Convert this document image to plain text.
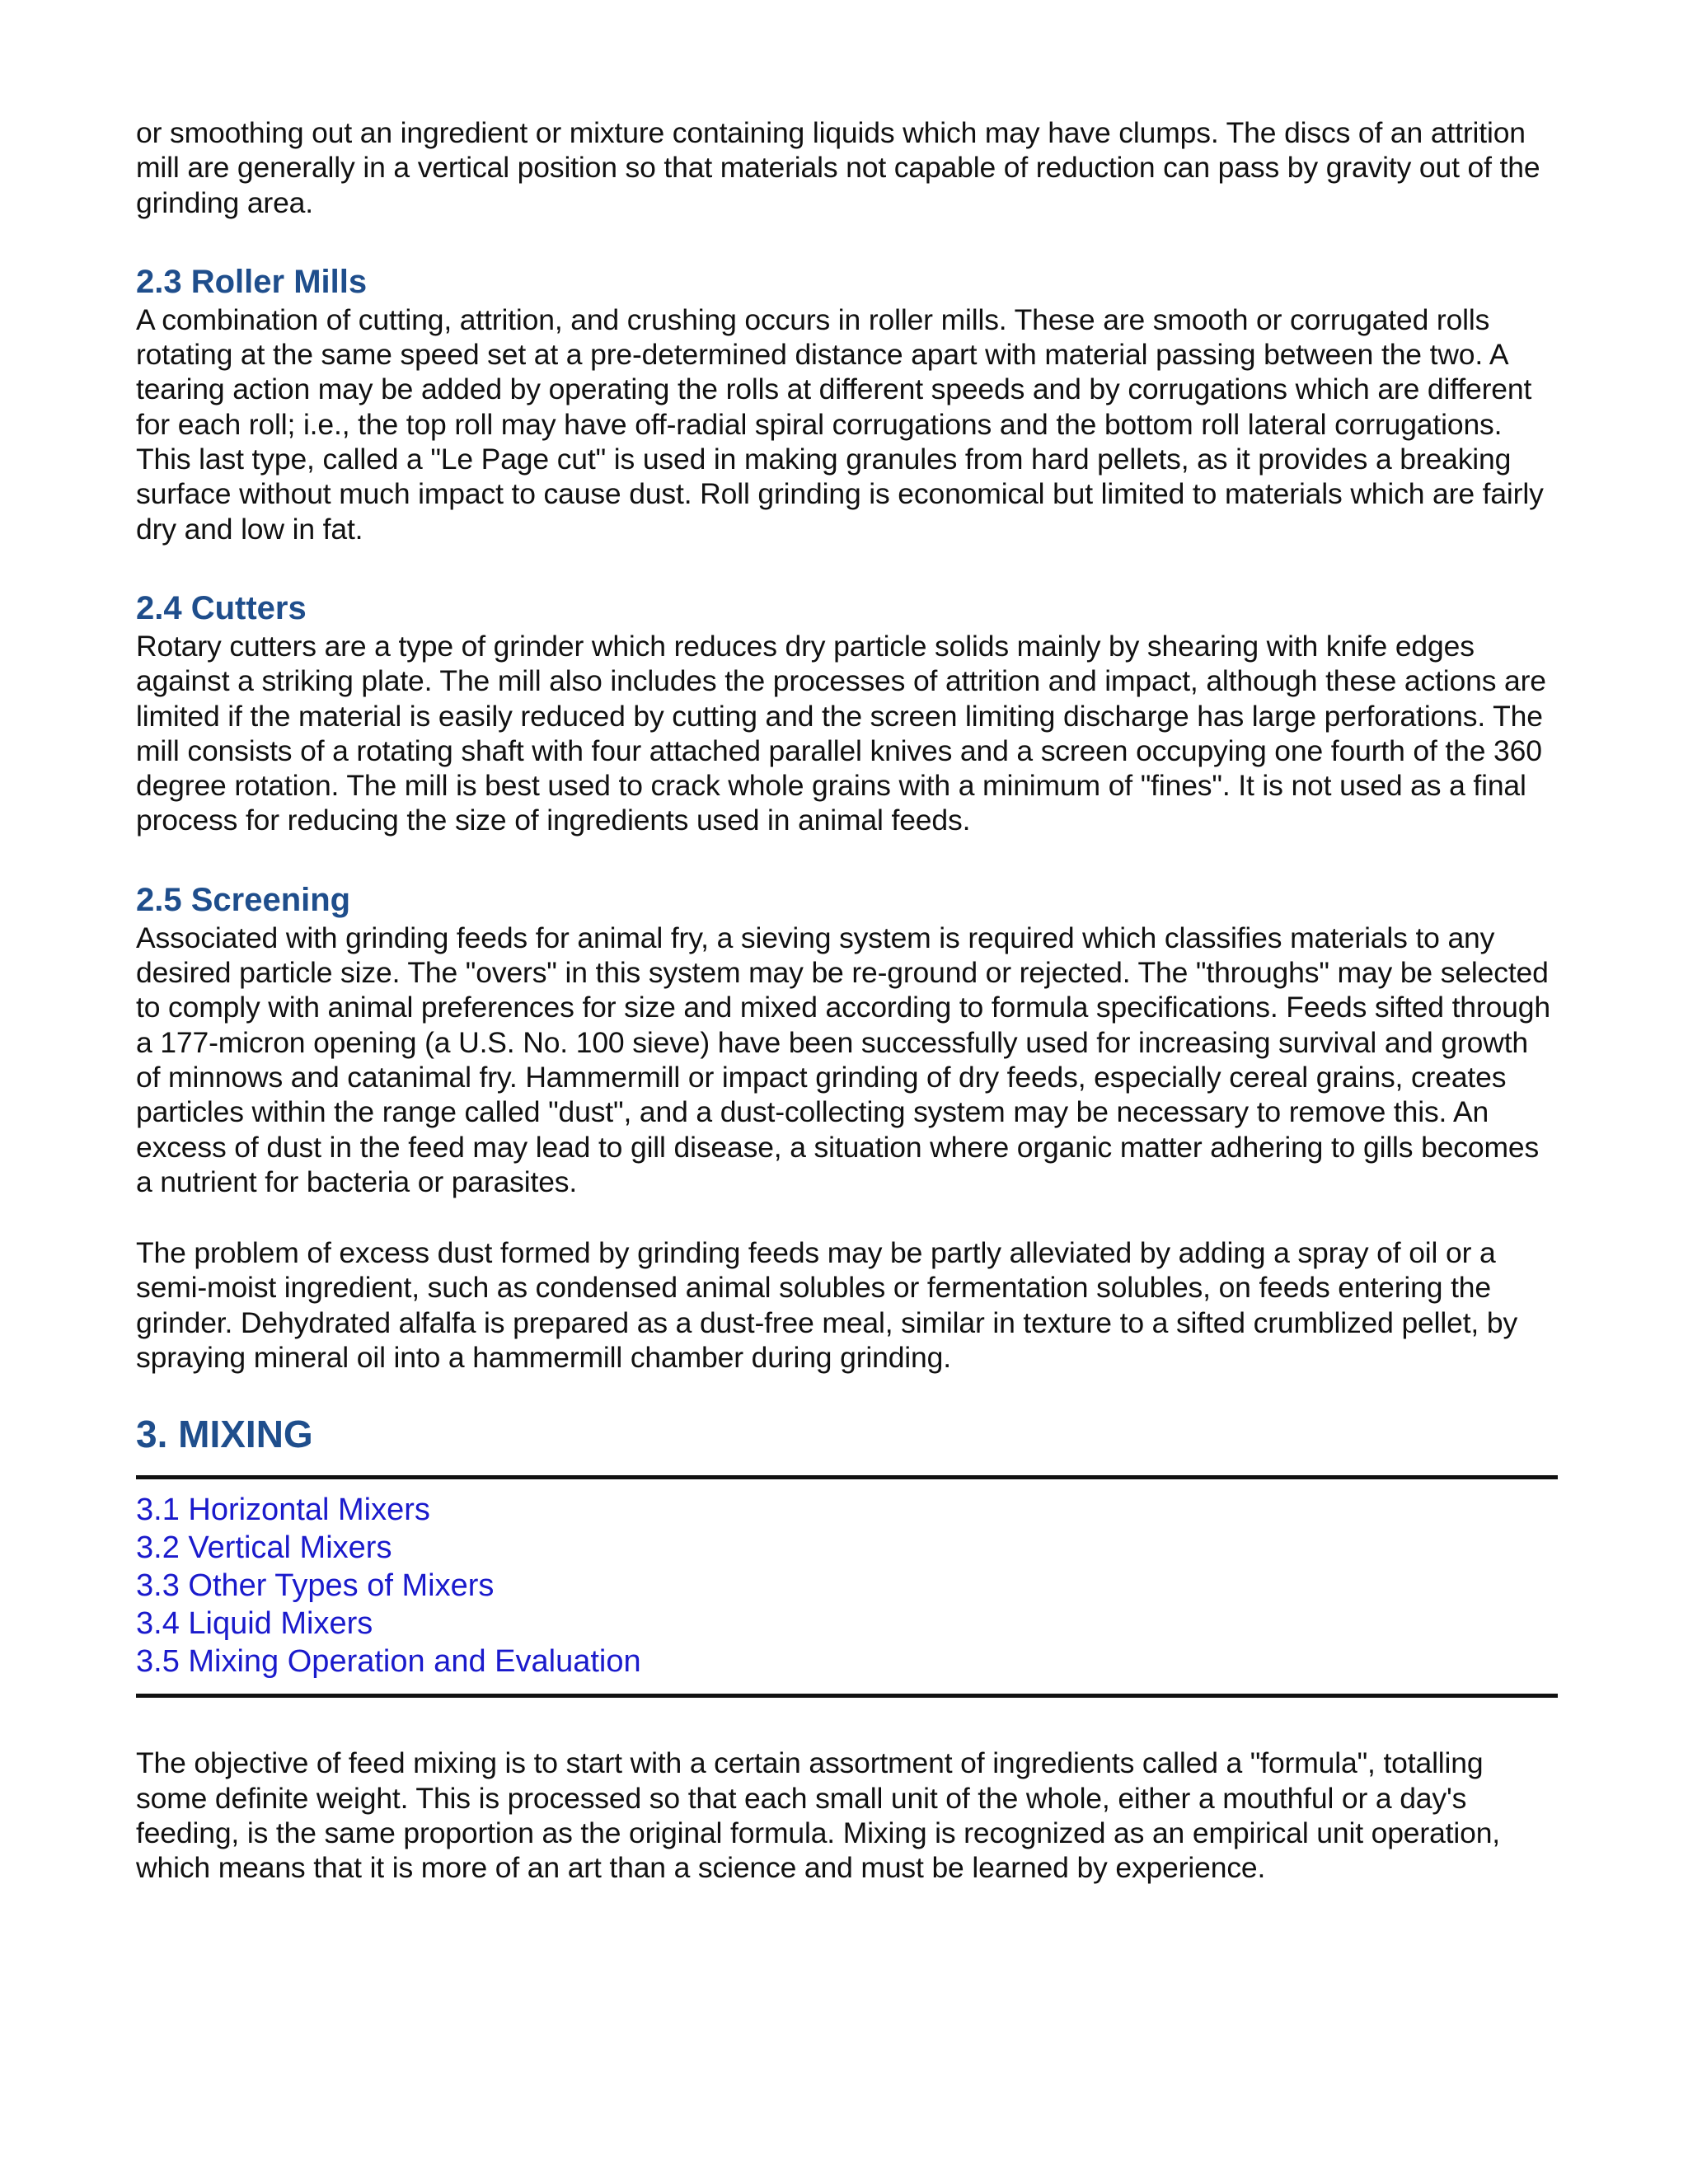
or smoothing out an ingredient or mixture containing liquids which may have clumps. The discs of an attrition mill are generally in a vertical position so that materials not capable of reduction can pass by gravity out of the grinding area.

2.3 Roller Mills

A combination of cutting, attrition, and crushing occurs in roller mills. These are smooth or corrugated rolls rotating at the same speed set at a pre-determined distance apart with material passing between the two. A tearing action may be added by operating the rolls at different speeds and by corrugations which are different for each roll; i.e., the top roll may have off-radial spiral corrugations and the bottom roll lateral corrugations. This last type, called a "Le Page cut" is used in making granules from hard pellets, as it provides a breaking surface without much impact to cause dust. Roll grinding is economical but limited to materials which are fairly dry and low in fat.

2.4 Cutters

Rotary cutters are a type of grinder which reduces dry particle solids mainly by shearing with knife edges against a striking plate. The mill also includes the processes of attrition and impact, although these actions are limited if the material is easily reduced by cutting and the screen limiting discharge has large perforations. The mill consists of a rotating shaft with four attached parallel knives and a screen occupying one fourth of the 360 degree rotation. The mill is best used to crack whole grains with a minimum of "fines". It is not used as a final process for reducing the size of ingredients used in animal feeds.

2.5 Screening

Associated with grinding feeds for animal fry, a sieving system is required which classifies materials to any desired particle size. The "overs" in this system may be re-ground or rejected. The "throughs" may be selected to comply with animal preferences for size and mixed according to formula specifications. Feeds sifted through a 177-micron opening (a U.S. No. 100 sieve) have been successfully used for increasing survival and growth of minnows and catanimal fry. Hammermill or impact grinding of dry feeds, especially cereal grains, creates particles within the range called "dust", and a dust-collecting system may be necessary to remove this. An excess of dust in the feed may lead to gill disease, a situation where organic matter adhering to gills becomes a nutrient for bacteria or parasites.

The problem of excess dust formed by grinding feeds may be partly alleviated by adding a spray of oil or a semi-moist ingredient, such as condensed animal solubles or fermentation solubles, on feeds entering the grinder. Dehydrated alfalfa is prepared as a dust-free meal, similar in texture to a sifted crumblized pellet, by spraying mineral oil into a hammermill chamber during grinding.

3. MIXING
3.1 Horizontal Mixers
3.2 Vertical Mixers
3.3 Other Types of Mixers
3.4 Liquid Mixers
3.5 Mixing Operation and Evaluation

The objective of feed mixing is to start with a certain assortment of ingredients called a "formula", totalling some definite weight. This is processed so that each small unit of the whole, either a mouthful or a day's feeding, is the same proportion as the original formula. Mixing is recognized as an empirical unit operation, which means that it is more of an art than a science and must be learned by experience.
